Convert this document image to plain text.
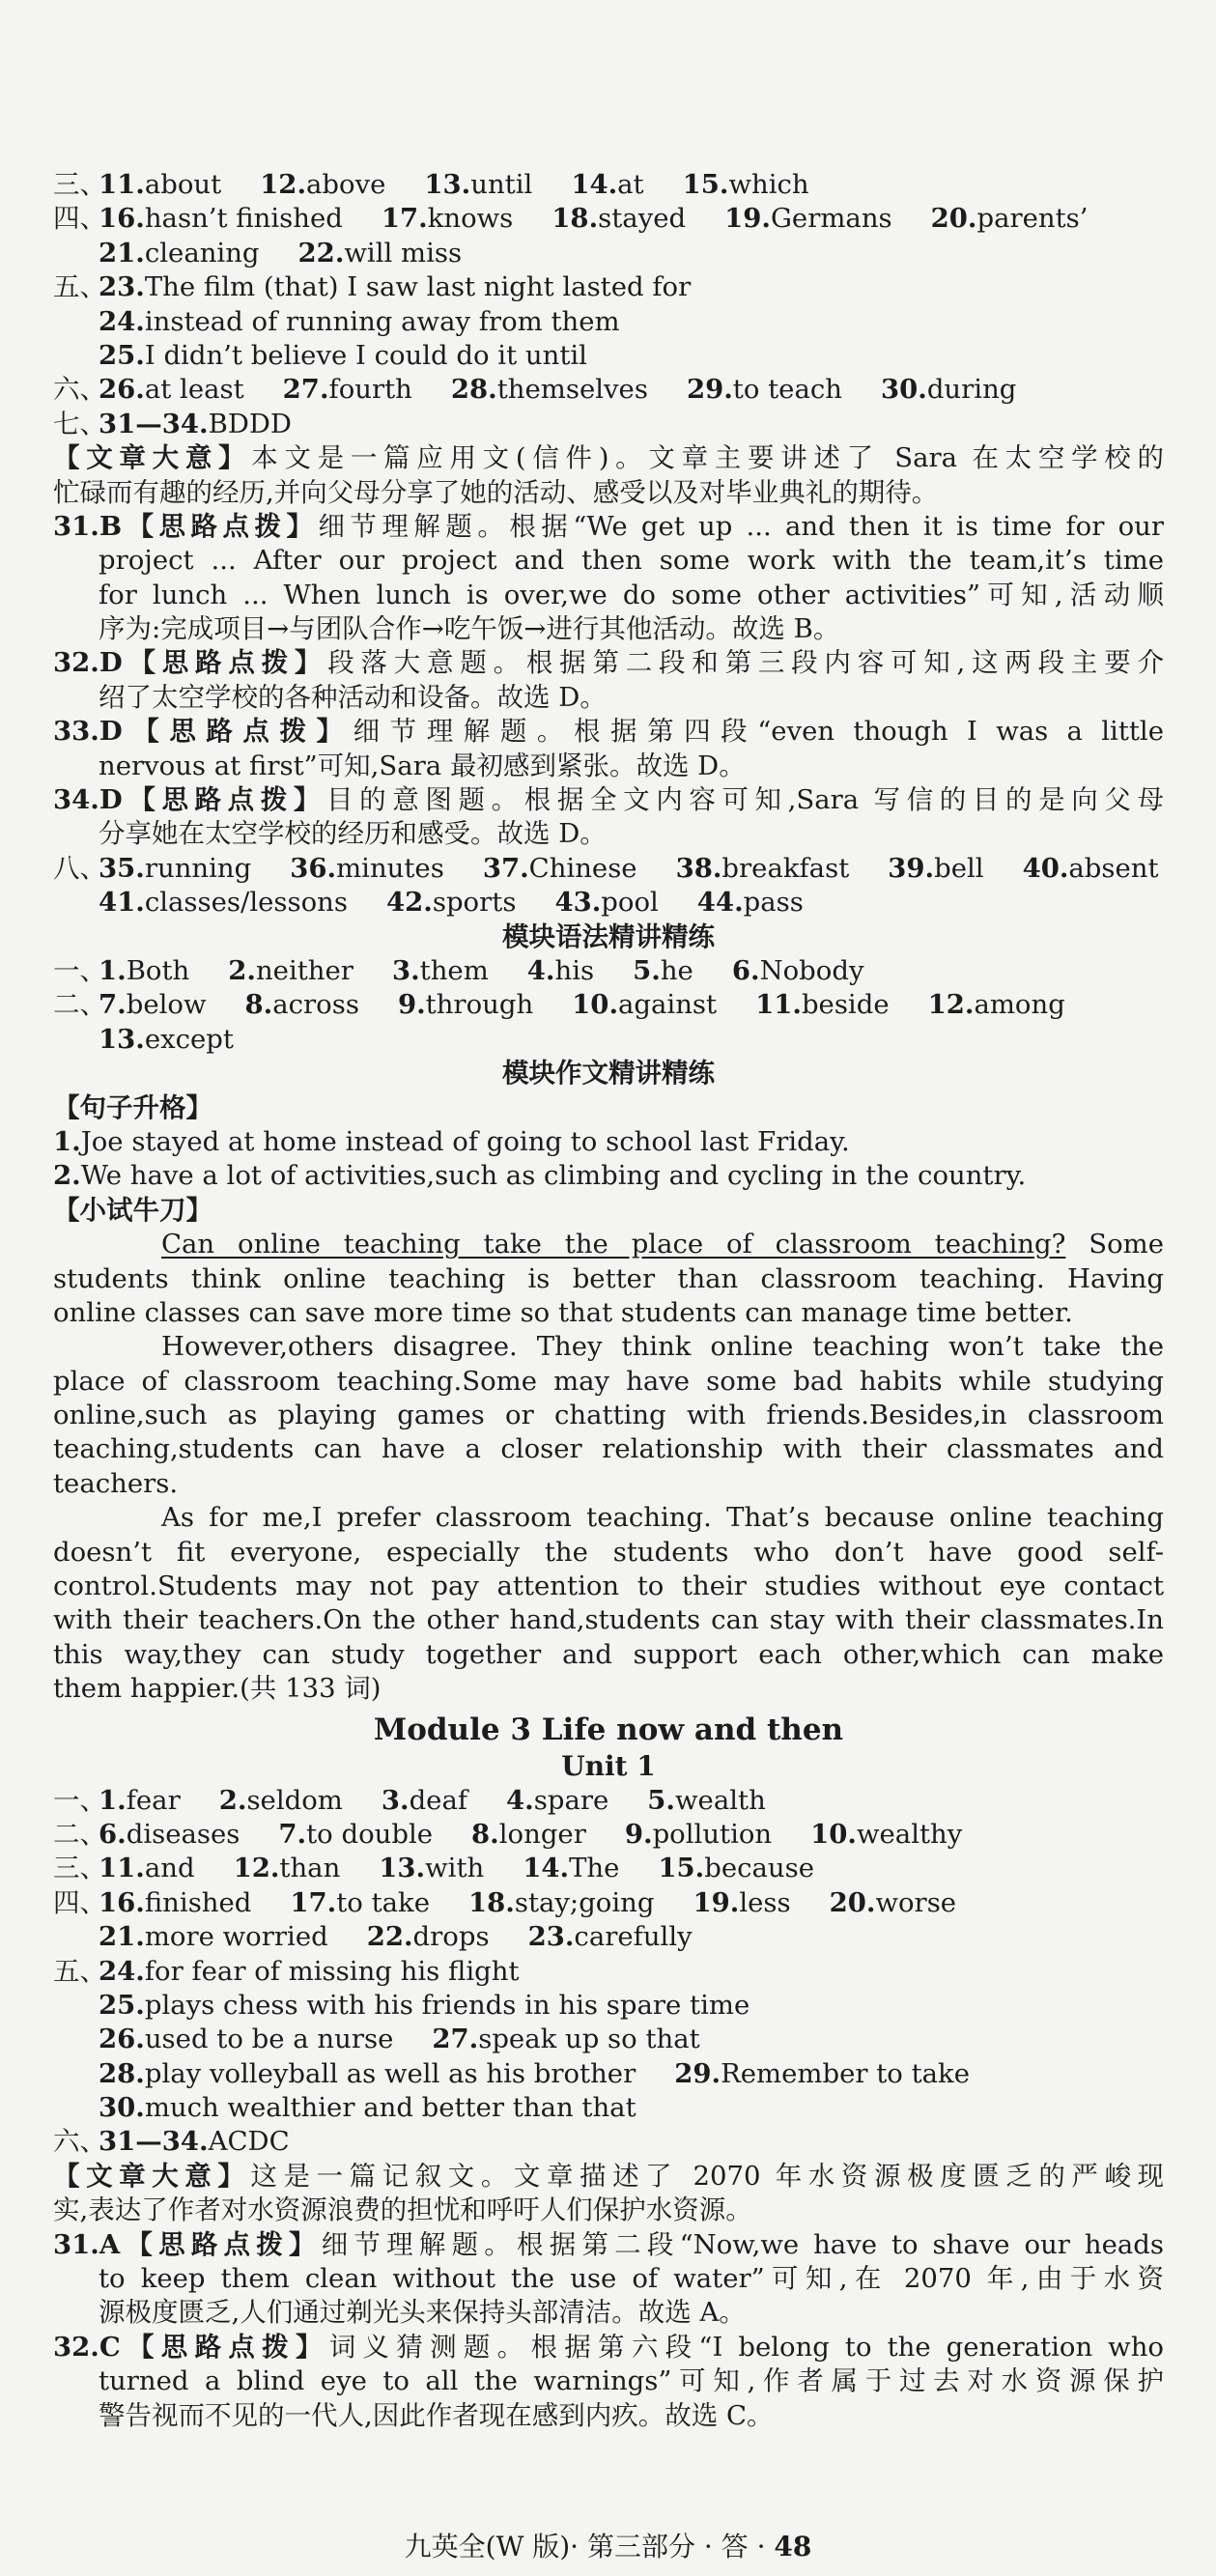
三、11.about 12.above 13.until 14.at 15.which
四、16.hasn’t finished 17.knows 18.stayed 19.Germans 20.parents’
21.cleaning 22.will miss
五、23.The film (that) I saw last night lasted for
24.instead of running away from them
25.I didn’t believe I could do it until
六、26.at least 27.fourth 28.themselves 29.to teach 30.during
七、31—34.BDDD
【文章大意】本文是一篇应用文(信件)。文章主要讲述了 Sara 在太空学校的
忙碌而有趣的经历,并向父母分享了她的活动、感受以及对毕业典礼的期待。
31.B【思路点拨】细节理解题。根据“We get up ... and then it is time for our
project ... After our project and then some work with the team,it’s time
for lunch ... When lunch is over,we do some other activities”可知,活动顺
序为:完成项目→与团队合作→吃午饭→进行其他活动。故选 B。
32.D【思路点拨】段落大意题。根据第二段和第三段内容可知,这两段主要介
绍了太空学校的各种活动和设备。故选 D。
33.D【思路点拨】细节理解题。根据第四段“even though I was a little
nervous at first”可知,Sara 最初感到紧张。故选 D。
34.D【思路点拨】目的意图题。根据全文内容可知,Sara 写信的目的是向父母
分享她在太空学校的经历和感受。故选 D。
八、35.running 36.minutes 37.Chinese 38.breakfast 39.bell 40.absent
41.classes/lessons 42.sports 43.pool 44.pass
模块语法精讲精练
一、1.Both 2.neither 3.them 4.his 5.he 6.Nobody
二、7.below 8.across 9.through 10.against 11.beside 12.among
13.except
模块作文精讲精练
【句子升格】
1.Joe stayed at home instead of going to school last Friday.
2.We have a lot of activities,such as climbing and cycling in the country.
【小试牛刀】
Can online teaching take the place of classroom teaching? Some
students think online teaching is better than classroom teaching. Having
online classes can save more time so that students can manage time better.
However,others disagree. They think online teaching won’t take the
place of classroom teaching.Some may have some bad habits while studying
online,such as playing games or chatting with friends.Besides,in classroom
teaching,students can have a closer relationship with their classmates and
teachers.
As for me,I prefer classroom teaching. That’s because online teaching
doesn’t fit everyone, especially the students who don’t have good self-
control.Students may not pay attention to their studies without eye contact
with their teachers.On the other hand,students can stay with their classmates.In
this way,they can study together and support each other,which can make
them happier.(共 133 词)
Module 3 Life now and then
Unit 1
一、1.fear 2.seldom 3.deaf 4.spare 5.wealth
二、6.diseases 7.to double 8.longer 9.pollution 10.wealthy
三、11.and 12.than 13.with 14.The 15.because
四、16.finished 17.to take 18.stay;going 19.less 20.worse
21.more worried 22.drops 23.carefully
五、24.for fear of missing his flight
25.plays chess with his friends in his spare time
26.used to be a nurse 27.speak up so that
28.play volleyball as well as his brother 29.Remember to take
30.much wealthier and better than that
六、31—34.ACDC
【文章大意】这是一篇记叙文。文章描述了 2070 年水资源极度匮乏的严峻现
实,表达了作者对水资源浪费的担忧和呼吁人们保护水资源。
31.A【思路点拨】细节理解题。根据第二段“Now,we have to shave our heads
to keep them clean without the use of water”可知,在 2070 年,由于水资
源极度匮乏,人们通过剃光头来保持头部清洁。故选 A。
32.C【思路点拨】词义猜测题。根据第六段“I belong to the generation who
turned a blind eye to all the warnings”可知,作者属于过去对水资源保护
警告视而不见的一代人,因此作者现在感到内疚。故选 C。
九英全(W 版)· 第三部分 · 答 · 48
